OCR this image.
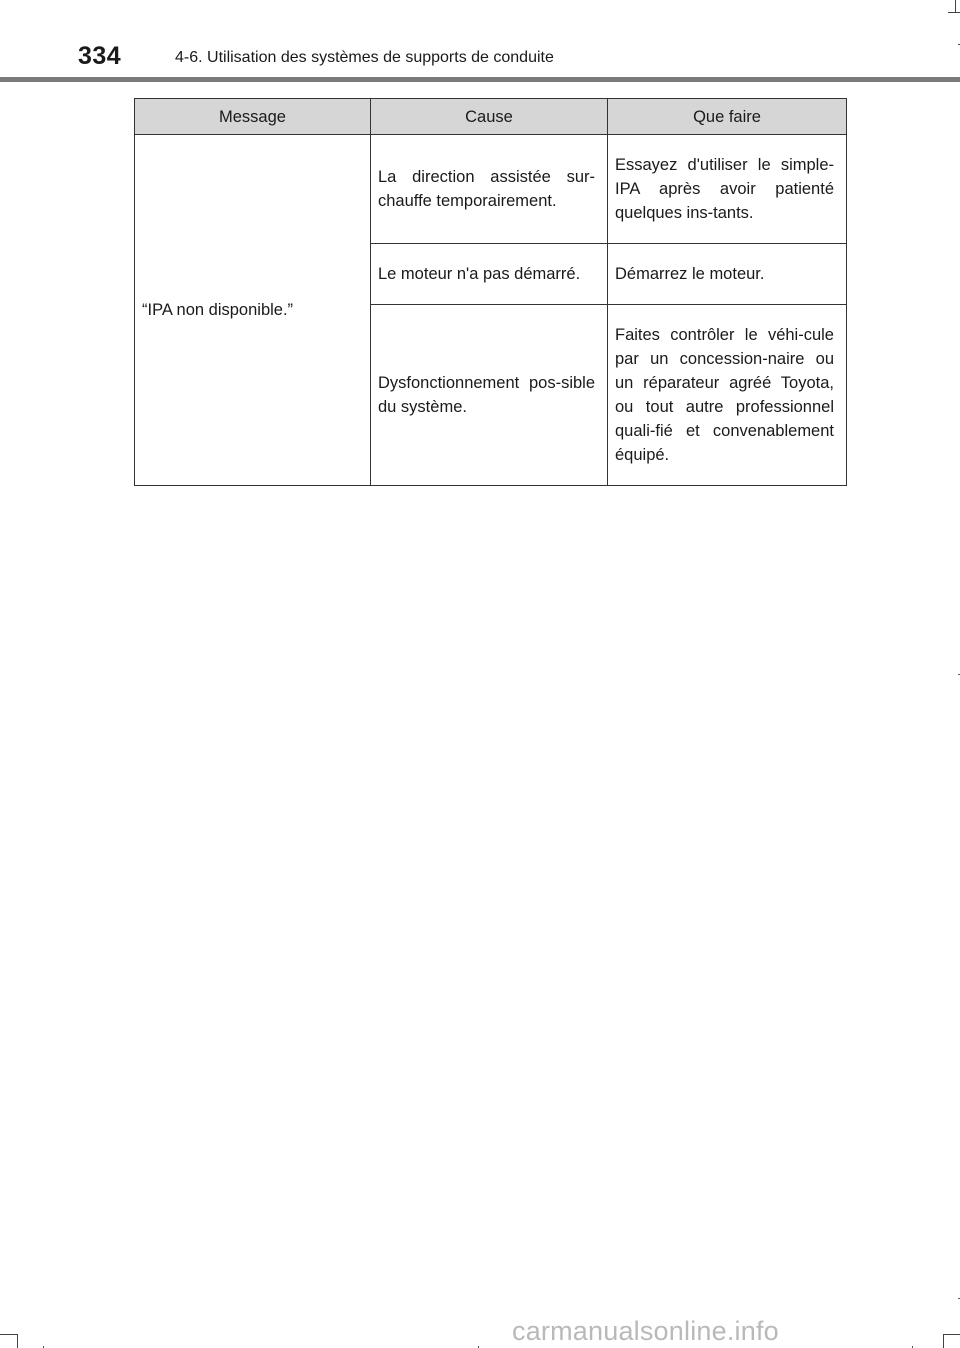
334	4-6. Utilisation des systèmes de supports de conduite
Message	Cause	Que faire
“IPA non disponible.”	La direction assistée sur-chauffe temporairement.	Essayez d'utiliser le simple-IPA après avoir patienté quelques ins-tants.
	Le moteur n'a pas démarré.	Démarrez le moteur.
	Dysfonctionnement pos-sible du système.	Faites contrôler le véhi-cule par un concession-naire ou un réparateur agréé Toyota, ou tout autre professionnel quali-fié et convenablement équipé.
carmanualsonline.info
